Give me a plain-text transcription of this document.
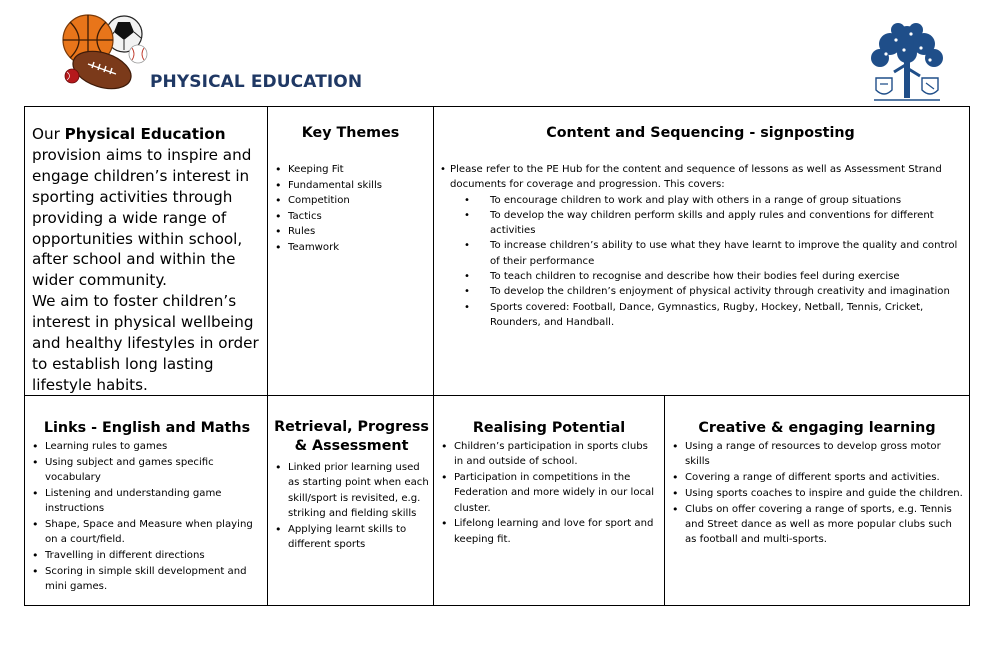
PHYSICAL EDUCATION
Our Physical Education provision aims to inspire and engage children’s interest in sporting activities through providing a wide range of opportunities within school, after school and within the wider community.
We aim to foster children’s interest in physical wellbeing and healthy lifestyles in order to establish long lasting lifestyle habits.
Key Themes
• Keeping Fit
• Fundamental skills
• Competition
• Tactics
• Rules
• Teamwork
Content and Sequencing - signposting
• Please refer to the PE Hub for the content and sequence of lessons as well as Assessment Strand documents for coverage and progression. This covers:
• To encourage children to work and play with others in a range of group situations
• To develop the way children perform skills and apply rules and conventions for different activities
• To increase children’s ability to use what they have learnt to improve the quality and control of their performance
• To teach children to recognise and describe how their bodies feel during exercise
• To develop the children’s enjoyment of physical activity through creativity and imagination
• Sports covered: Football, Dance, Gymnastics, Rugby, Hockey, Netball, Tennis, Cricket, Rounders, and Handball.
Links - English and Maths
• Learning rules to games
• Using subject and games specific vocabulary
• Listening and understanding game instructions
• Shape, Space and Measure when playing on a court/field.
• Travelling in different directions
• Scoring in simple skill development and mini games.
Retrieval, Progress & Assessment
• Linked prior learning used as starting point when each skill/sport is revisited, e.g. striking and fielding skills
• Applying learnt skills to different sports
Realising Potential
• Children’s participation in sports clubs in and outside of school.
• Participation in competitions in the Federation and more widely in our local cluster.
• Lifelong learning and love for sport and keeping fit.
Creative & engaging learning
• Using a range of resources to develop gross motor skills
• Covering a range of different sports and activities.
• Using sports coaches to inspire and guide the children.
• Clubs on offer covering a range of sports, e.g. Tennis and Street dance as well as more popular clubs such as football and multi-sports.
